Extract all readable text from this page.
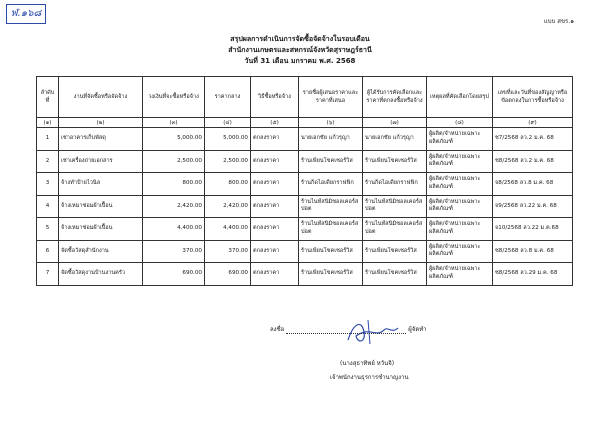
ฬ.๑๖๘
แบบ สขร.๑
สรุปผลการดำเนินการจัดซื้อจัดจ้างในรอบเดือน
สำนักงานเกษตรและสหกรณ์จังหวัดสุราษฎร์ธานี
วันที่ 31 เดือน มกราคม พ.ศ. 2568
ลำดับที่	งานที่จัดซื้อหรือจัดจ้าง	วงเงินที่จะซื้อหรือจ้าง	ราคากลาง	วิธีซื้อหรือจ้าง	รายชื่อผู้เสนอราคาและราคาที่เสนอ	ผู้ได้รับการคัดเลือกและราคาที่ตกลงซื้อหรือจ้าง	เหตุผลที่คัดเลือกโดยสรุป	เลขที่และวันที่ของสัญญาหรือข้อตกลงในการซื้อหรือจ้าง
(๑)	(๒)	(๓)	(๔)	(๕)	(๖)	(๗)	(๘)	(๙)
1	เช่าอาคารเก็บพัสดุ	5,000.00	5,000.00	ตกลงราคา	นายเอกชัย แก้วรุญา	นายเอกชัย แก้วรุญา	ผู้ผลิต/จำหน่ายเฉพาะผลิตภัณฑ์	ช7/2568 ลว.2 ม.ค. 68
2	เช่าเครื่องถ่ายเอกสาร	2,500.00	2,500.00	ตกลงราคา	ร้านเพียนโซคเซอร์วิส	ร้านเพียนโซคเซอร์วิส	ผู้ผลิต/จำหน่ายเฉพาะผลิตภัณฑ์	ช8/2568 ลว.2 ม.ค. 68
3	จ้างทำป้ายไวนิล	800.00	800.00	ตกลงราคา	ร้านก็ดไอเดียกราฟฟิก	ร้านก็ดไอเดียกราฟฟิก	ผู้ผลิต/จำหน่ายเฉพาะผลิตภัณฑ์	จ8/2568 ลว.8 ม.ค. 68
4	จ้างเหมาซ่อมผ้าเปื้อน	2,420.00	2,420.00	ตกลงราคา	ร้านไนท์สนิมิซอลเคอร์สปอต	ร้านไนท์สนิมิซอลเคอร์สปอต	ผู้ผลิต/จำหน่ายเฉพาะผลิตภัณฑ์	จ9/2568 ลว.22 ม.ค. 68
5	จ้างเหมาซ่อมผ้าเปื้อน	4,400.00	4,400.00	ตกลงราคา	ร้านไนท์สนิมิซอลเคอร์สปอต	ร้านไนท์สนิมิซอลเคอร์สปอต	ผู้ผลิต/จำหน่ายเฉพาะผลิตภัณฑ์	จ10/2568 ลว.22 ม.ค.68
6	จัดซื้อวัสดุสำนักงาน	370.00	370.00	ตกลงราคา	ร้านเพียนโซคเซอร์วิส	ร้านเพียนโซคเซอร์วิส	ผู้ผลิต/จำหน่ายเฉพาะผลิตภัณฑ์	ซ8/2568 ลว.8 ม.ค. 68
7	จัดซื้อวัสดุงานบ้านงานครัว	690.00	690.00	ตกลงราคา	ร้านเพียนโซคเซอร์วิส	ร้านเพียนโซคเซอร์วิส	ผู้ผลิต/จำหน่ายเฉพาะผลิตภัณฑ์	ซ8/2568 ลว.29 ม.ค. 68
ลงชื่อ	ผู้จัดทำ
(นางสุธาทิพย์ หวันจิ)
เจ้าพนักงานธุรการชำนาญงาน
